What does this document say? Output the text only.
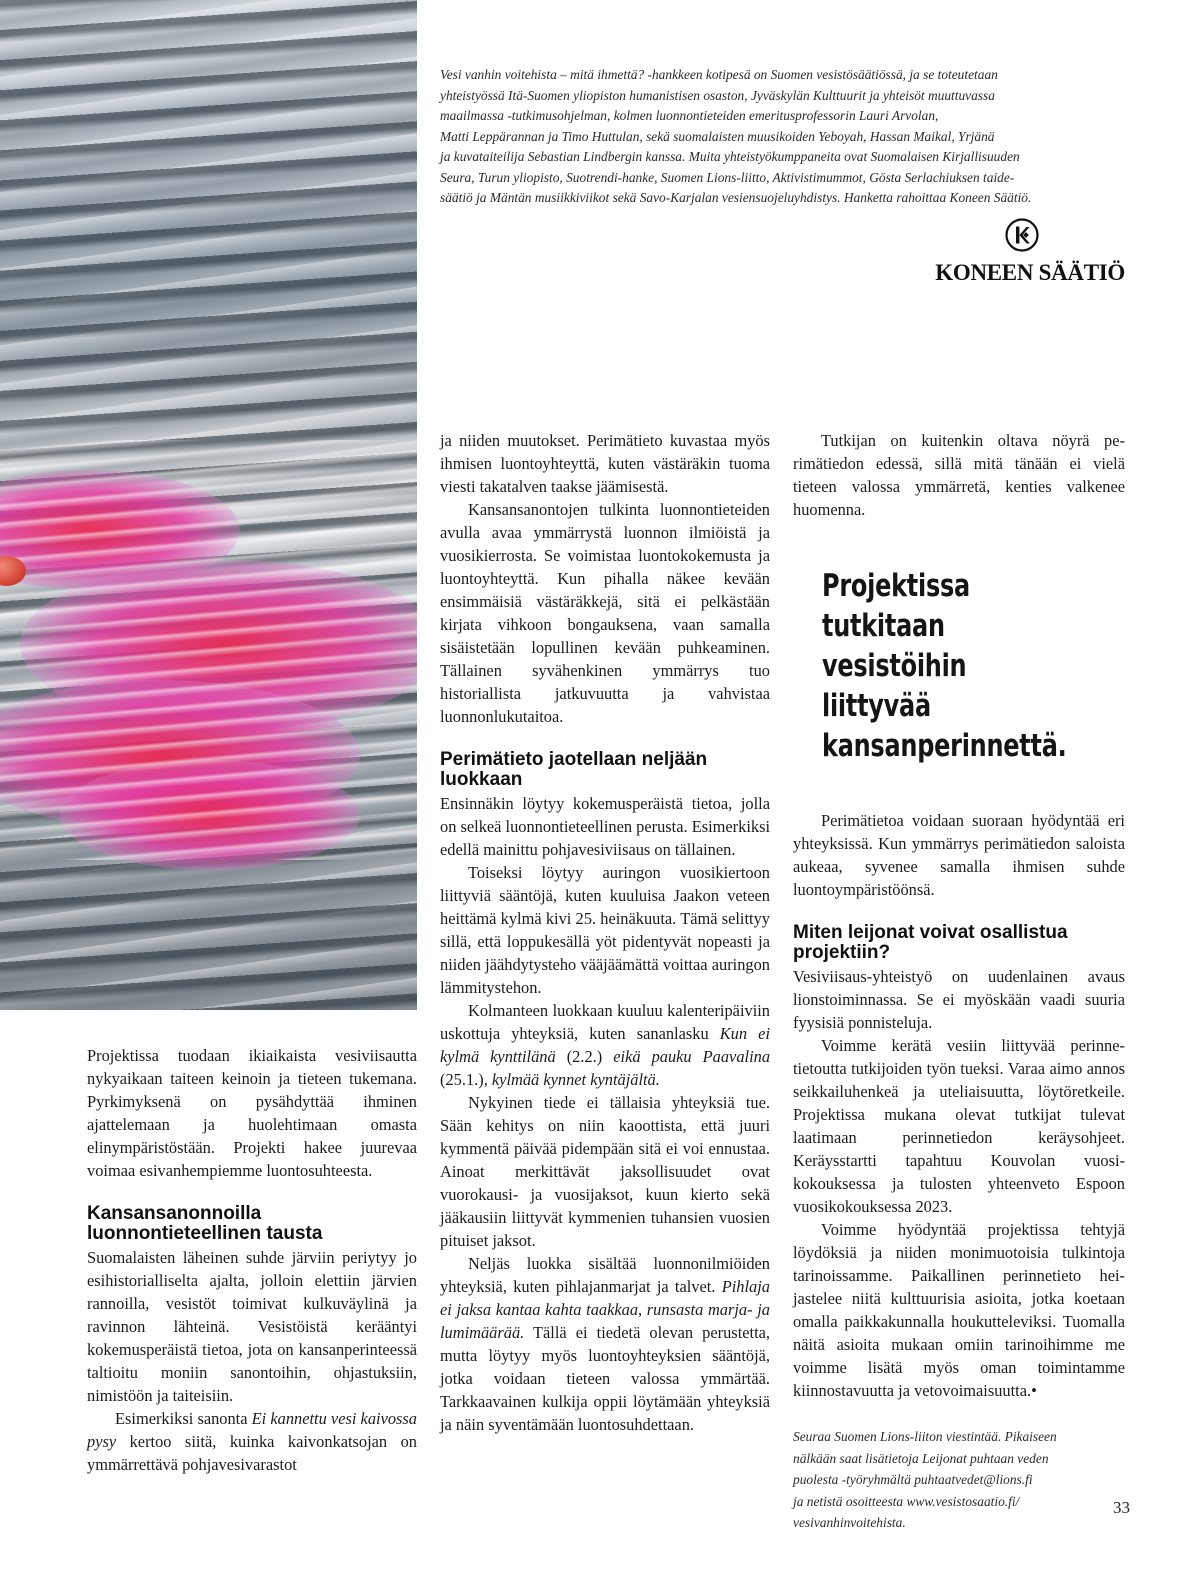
Vesi vanhin voitehista – mitä ihmettä? -hankkeen kotipesä on Suomen vesistösäätiössä, ja se toteutetaan

yhteistyössä Itä-Suomen yliopiston humanistisen osaston, Jyväskylän Kulttuurit ja yhteisöt muuttuvassa

maailmassa -tutkimusohjelman, kolmen luonnontieteiden emeritusprofessorin Lauri Arvolan,

Matti Leppärannan ja Timo Huttulan, sekä suomalaisten muusikoiden Yeboyah, Hassan Maikal, Yrjänä

ja kuvataiteilija Sebastian Lindbergin kanssa. Muita yhteistyökumppaneita ovat Suomalaisen Kirjallisuuden

Seura, Turun yliopisto, Suotrendi-hanke, Suomen Lions-liitto, Aktivistimummot, Gösta Serlachiuksen taide-

säätiö ja Mäntän musiikkiviikot sekä Savo-Karjalan vesiensuojeluyhdistys. Hanketta rahoittaa Koneen Säätiö.

KONEEN SÄÄTIÖ

Projektissa tuodaan ikiaikaista vesiviisautta nykyaikaan taiteen keinoin ja tieteen tukemana. Pyrkimyksenä on pysähdyttää ihminen ajattelemaan ja huolehtimaan omasta elinympäristöstään. Projekti hakee juurevaa voimaa esivanhempiemme luontosuhteesta.

Kansansanonnoilla luonnontieteellinen tausta

Suomalaisten läheinen suhde järviin periytyy jo esihistorialliselta ajalta, jolloin elettiin järvien rannoilla, vesistöt toimivat kulkuväylinä ja ravinnon lähteinä. Vesistöistä kerääntyi kokemusperäistä tietoa, jota on kansanperinteessä taltioitu moniin sanontoihin, ohjastuksiin, nimistöön ja taiteisiin.

Esimerkiksi sanonta Ei kannettu vesi kaivossa pysy kertoo siitä, kuinka kaivonkatsojan on ymmärrettävä pohjavesivarastot

ja niiden muutokset. Perimätieto kuvastaa myös ihmisen luontoyhteyttä, kuten västäräkin tuoma viesti takatalven taakse jäämisestä.

Kansansanontojen tulkinta luonnontieteiden avulla avaa ymmärrystä luonnon ilmiöistä ja vuosikierrosta. Se voimistaa luontokokemusta ja luontoyhteyttä. Kun pihalla näkee kevään ensimmäisiä västäräkkejä, sitä ei pelkästään kirjata vihkoon bongauksena, vaan samalla sisäistetään lopullinen kevään puhkeaminen. Tällainen syvähenkinen ymmärrys tuo historiallista jatkuvuutta ja vahvistaa luonnonlukutaitoa.

Perimätieto jaotellaan neljään luokkaan

Ensinnäkin löytyy kokemusperäistä tietoa, jolla on selkeä luonnontieteellinen perusta. Esimerkiksi edellä mainittu pohjavesiviisaus on tällainen.

Toiseksi löytyy auringon vuosikiertoon liittyviä sääntöjä, kuten kuuluisa Jaakon veteen heittämä kylmä kivi 25. heinäkuuta. Tämä selittyy sillä, että loppukesällä yöt pidentyvät nopeasti ja niiden jäähdytysteho vääjäämättä voittaa auringon lämmitystehon.

Kolmanteen luokkaan kuuluu kalenteripäiviin uskottuja yhteyksiä, kuten sananlasku Kun ei kylmä kynttilänä (2.2.) eikä pauku Paavalina (25.1.), kylmää kynnet kyntäjältä.

Nykyinen tiede ei tällaisia yhteyksiä tue. Sään kehitys on niin kaoottista, että juuri kymmentä päivää pidempään sitä ei voi ennustaa. Ainoat merkittävät jaksollisuudet ovat vuorokausi- ja vuosijaksot, kuun kierto sekä jääkausiin liittyvät kymmenien tuhansien vuosien pituiset jaksot.

Neljäs luokka sisältää luonnonilmiöiden yhteyksiä, kuten pihlajanmarjat ja talvet. Pihlaja ei jaksa kantaa kahta taakkaa, runsasta marja- ja lumimäärää. Tällä ei tiedetä olevan perustetta, mutta löytyy myös luontoyhteyksien sääntöjä, jotka voidaan tieteen valossa ymmärtää. Tarkkaavainen kulkija oppii löytämään yhteyksiä ja näin syventämään luontosuhdettaan.

Projektissa tutkitaan vesistöihin liittyvää kansanperinnettä.

Tutkijan on kuitenkin oltava nöyrä perimätiedon edessä, sillä mitä tänään ei vielä tieteen valossa ymmärretä, kenties valkenee huomenna.

Perimätietoa voidaan suoraan hyödyntää eri yhteyksissä. Kun ymmärrys perimätiedon saloista aukeaa, syvenee samalla ihmisen suhde luontoympäristöönsä.

Miten leijonat voivat osallistua projektiin?

Vesiviisaus-yhteistyö on uudenlainen avaus lionstoiminnassa. Se ei myöskään vaadi suuria fyysisiä ponnisteluja.

Voimme kerätä vesiin liittyvää perinnetietoutta tutkijoiden työn tueksi. Varaa aimo annos seikkailuhenkeä ja uteliaisuutta, löytöretkeile. Projektissa mukana olevat tutkijat tulevat laatimaan perinnetiedon keräysohjeet. Keräysstartti tapahtuu Kouvolan vuosikokouksessa ja tulosten yhteenveto Espoon vuosikokouksessa 2023.

Voimme hyödyntää projektissa tehtyjä löydöksiä ja niiden monimuotoisia tulkintoja tarinoissamme. Paikallinen perinnetieto heijastelee niitä kulttuurisia asioita, jotka koetaan omalla paikkakunnalla houkutteleviksi. Tuomalla näitä asioita mukaan omiin tarinoihimme me voimme lisätä myös oman toimintamme kiinnostavuutta ja vetovoimaisuutta.•

Seuraa Suomen Lions-liiton viestintää. Pikaiseen
nälkään saat lisätietoja Leijonat puhtaan veden
puolesta -työryhmältä puhtaatvedet@lions.fi
ja netistä osoitteesta www.vesistosaatio.fi/
vesivanhinvoitehista.
33
